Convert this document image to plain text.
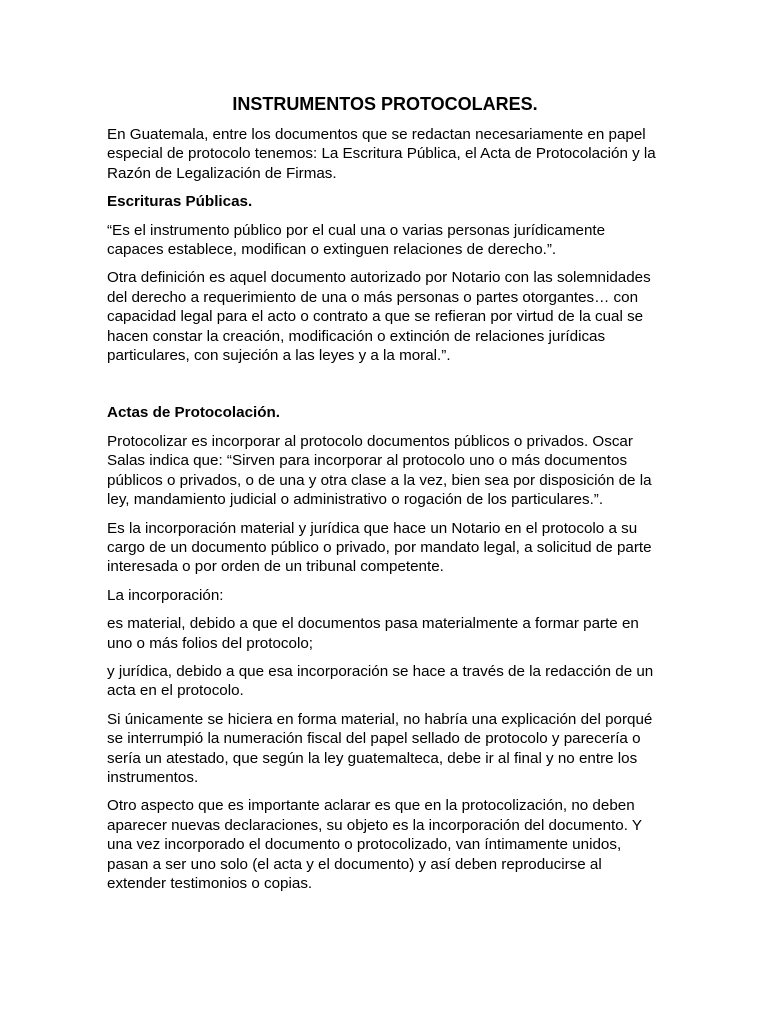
INSTRUMENTOS PROTOCOLARES.

En Guatemala, entre los documentos que se redactan necesariamente en papel especial de protocolo tenemos: La Escritura Pública, el Acta de Protocolación y la Razón de Legalización de Firmas.

Escrituras Públicas.

“Es el instrumento público por el cual una o varias personas jurídicamente capaces establece, modifican o extinguen relaciones de derecho.”.

Otra definición es aquel documento autorizado por Notario con las solemnidades del derecho a requerimiento de una o más personas o partes otorgantes… con capacidad legal para el acto o contrato a que se refieran por virtud de la cual se hacen constar la creación, modificación o extinción de relaciones jurídicas particulares, con sujeción a las leyes y a la moral.”.

Actas de Protocolación.

Protocolizar es incorporar al protocolo documentos públicos o privados. Oscar Salas indica que: “Sirven para incorporar al protocolo uno o más documentos públicos o privados, o de una y otra clase a la vez, bien sea por disposición de la ley, mandamiento judicial o administrativo o rogación de los particulares.”.

Es la incorporación material y jurídica que hace un Notario en el protocolo a su cargo de un documento público o privado, por mandato legal, a solicitud de parte interesada o por orden de un tribunal competente.

La incorporación:

es material, debido a que el documentos pasa materialmente a formar parte en uno o más folios del protocolo;

y jurídica, debido a que esa incorporación se hace a través de la redacción de un acta en el protocolo.

Si únicamente se hiciera en forma material, no habría una explicación del porqué se interrumpió la numeración fiscal del papel sellado de protocolo y parecería o sería un atestado, que según la ley guatemalteca, debe ir al final y no entre los instrumentos.

Otro aspecto que es importante aclarar es que en la protocolización, no deben aparecer nuevas declaraciones, su objeto es la incorporación del documento. Y una vez incorporado el documento o protocolizado, van íntimamente unidos, pasan a ser uno solo (el acta y el documento) y así deben reproducirse al extender testimonios o copias.
